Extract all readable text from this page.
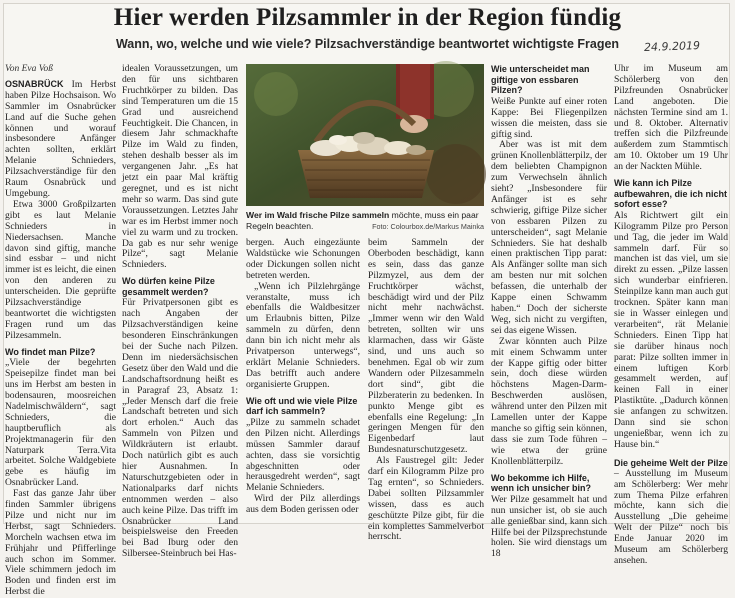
Hier werden Pilzsammler in der Region fündig
Wann, wo, welche und wie viele? Pilzsachverständige beantwortet wichtigste Fragen	24.9.2019
Von Eva Voß

OSNABRÜCK Im Herbst haben Pilze Hochsaison. Wo Sammler im Osnabrücker Land auf die Suche gehen können und worauf insbesondere Anfänger achten sollten, erklärt Melanie Schnieders, Pilzsachverständige für den Raum Osnabrück und Umgebung.

Etwa 3000 Großpilzarten gibt es laut Melanie Schnieders in Niedersachsen. Manche davon sind giftig, manche sind essbar – und nicht immer ist es leicht, die einen von den anderen zu unterscheiden. Die geprüfte Pilzsachverständige beantwortet die wichtigsten Fragen rund um das Pilzesammeln.

Wo findet man Pilze?

„Viele der begehrten Speisepilze findet man bei uns im Herbst am besten in bodensauren, moosreichen Nadelmischwäldern“, sagt Schnieders, die hauptberuflich als Projektmanagerin für den Naturpark Terra.Vita arbeitet. Solche Waldgebiete gebe es häufig im Osnabrücker Land.

Fast das ganze Jahr über finden Sammler übrigens Pilze und nicht nur im Herbst, sagt Schnieders. Morcheln wachsen etwa im Frühjahr und Pfifferlinge auch schon im Sommer. Viele schimmern jedoch im Boden und finden erst im Herbst die

idealen Voraussetzungen, um den für uns sichtbaren Fruchtkörper zu bilden. Das sind Temperaturen um die 15 Grad und ausreichend Feuchtigkeit. Die Chancen, in diesem Jahr schmackhafte Pilze im Wald zu finden, stehen deshalb besser als im vergangenen Jahr. „Es hat jetzt ein paar Mal kräftig geregnet, und es ist nicht mehr so warm. Das sind gute Voraussetzungen. Letztes Jahr war es im Herbst immer noch viel zu warm und zu trocken. Da gab es nur sehr wenige Pilze“, sagt Melanie Schnieders.

Wo dürfen keine Pilze gesammelt werden?

Für Privatpersonen gibt es nach Angaben der Pilzsachverständigen keine besonderen Einschränkungen bei der Suche nach Pilzen. Denn im niedersächsischen Gesetz über den Wald und die Landschaftsordnung heißt es in Paragraf 23, Absatz 1: „Jeder Mensch darf die freie Landschaft betreten und sich dort erholen.“ Auch das Sammeln von Pilzen und Wildkräutern ist erlaubt. Doch natürlich gibt es auch hier Ausnahmen. In Naturschutzgebieten oder in Nationalparks darf nichts entnommen werden – also auch keine Pilze. Das trifft im Osnabrücker Land beispielsweise den Freeden bei Bad Iburg oder den Silbersee-Steinbruch bei Has-

Wer im Wald frische Pilze sammeln möchte, muss ein paar Regeln beachten.	Foto: Colourbox.de/Markus Mainka

bergen. Auch eingezäunte Waldstücke wie Schonungen oder Dickungen sollen nicht betreten werden.

„Wenn ich Pilzlehrgänge veranstalte, muss ich ebenfalls die Waldbesitzer um Erlaubnis bitten, Pilze sammeln zu dürfen, denn dann bin ich nicht mehr als Privatperson unterwegs“, erklärt Melanie Schnieders. Das betrifft auch andere organisierte Gruppen.

Wie oft und wie viele Pilze darf ich sammeln?

„Pilze zu sammeln schadet den Pilzen nicht. Allerdings müssen Sammler darauf achten, dass sie vorsichtig abgeschnitten oder herausgedreht werden“, sagt Melanie Schnieders.

Wird der Pilz allerdings aus dem Boden gerissen oder

beim Sammeln der Oberboden beschädigt, kann es sein, dass das ganze Pilzmyzel, aus dem der Fruchtkörper wächst, beschädigt wird und der Pilz nicht mehr nachwächst. „Immer wenn wir den Wald betreten, sollten wir uns klarmachen, dass wir Gäste sind, und uns auch so benehmen. Egal ob wir zum Wandern oder Pilzesammeln dort sind“, gibt die Pilzberaterin zu bedenken. In punkto Menge gibt es ebenfalls eine Regelung: „In geringen Mengen für den Eigenbedarf laut Bundesnaturschutzgesetz.

Als Faustregel gilt: Jeder darf ein Kilogramm Pilze pro Tag ernten“, so Schnieders. Dabei sollten Pilzsammler wissen, dass es auch geschützte Pilze gibt, für die ein komplettes Sammelverbot herrscht.

Wie unterscheidet man giftige von essbaren Pilzen?

Weiße Punkte auf einer roten Kappe: Bei Fliegenpilzen wissen die meisten, dass sie giftig sind.

Aber was ist mit dem grünen Knollenblätterpilz, der dem beliebten Champignon zum Verwechseln ähnlich sieht? „Insbesondere für Anfänger ist es sehr schwierig, giftige Pilze sicher von essbaren Pilzen zu unterscheiden“, sagt Melanie Schnieders. Sie hat deshalb einen praktischen Tipp parat: Als Anfänger sollte man sich am besten nur mit solchen befassen, die unterhalb der Kappe einen Schwamm haben.“ Doch der sicherste Weg, sich nicht zu vergiften, sei das eigene Wissen.

Zwar könnten auch Pilze mit einem Schwamm unter der Kappe giftig oder bitter sein, doch diese würden höchstens Magen-Darm-Beschwerden auslösen, während unter den Pilzen mit Lamellen unter der Kappe manche so giftig sein können, dass sie zum Tode führen – wie etwa der grüne Knollenblätterpilz.

Wo bekomme ich Hilfe, wenn ich unsicher bin?

Wer Pilze gesammelt hat und nun unsicher ist, ob sie auch alle genießbar sind, kann sich Hilfe bei der Pilzsprechstunde holen. Sie wird dienstags um 18

Uhr im Museum am Schölerberg von den Pilzfreunden Osnabrücker Land angeboten. Die nächsten Termine sind am 1. und 8. Oktober. Alternativ treffen sich die Pilzfreunde außerdem zum Stammtisch am 10. Oktober um 19 Uhr an der Nackten Mühle.

Wie kann ich Pilze aufbewahren, die ich nicht sofort esse?

Als Richtwert gilt ein Kilogramm Pilze pro Person und Tag, die jeder im Wald sammeln darf. Für so manchen ist das viel, um sie direkt zu essen. „Pilze lassen sich wunderbar einfrieren. Steinpilze kann man auch gut trocknen. Später kann man sie in Wasser einlegen und verarbeiten“, rät Melanie Schnieders. Einen Tipp hat sie darüber hinaus noch parat: Pilze sollten immer in einem luftigen Korb gesammelt werden, auf keinen Fall in einer Plastiktüte. „Dadurch können sie anfangen zu schwitzen. Dann sind sie schon ungenießbar, wenn ich zu Hause bin.“

Die geheime Welt der Pilze

– Ausstellung im Museum am Schölerberg: Wer mehr zum Thema Pilze erfahren möchte, kann sich die Ausstellung „Die geheime Welt der Pilze“ noch bis Ende Januar 2020 im Museum am Schölerberg ansehen.
